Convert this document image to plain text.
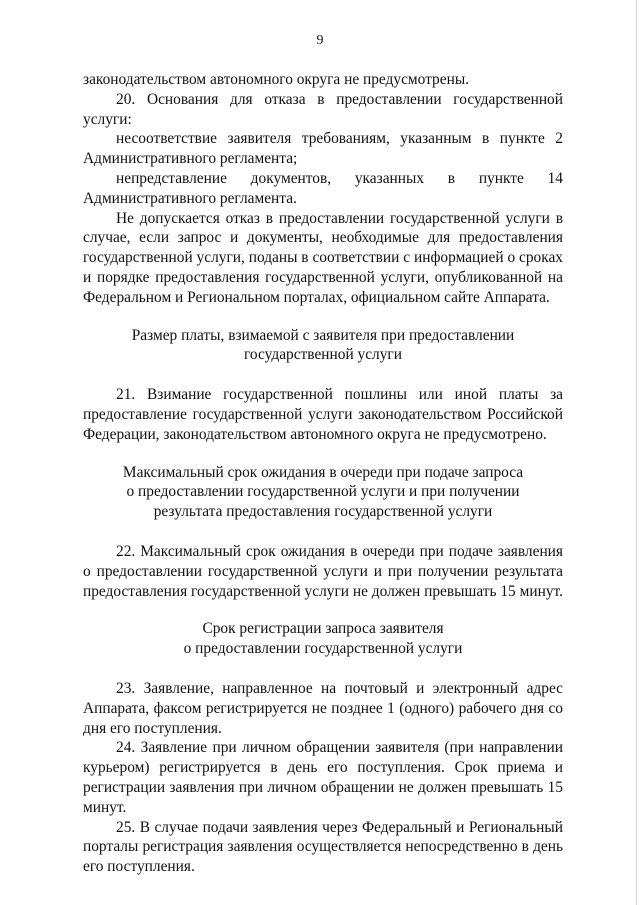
9

законодательством автономного округа не предусмотрены.

20. Основания для отказа в предоставлении государственной услуги:

несоответствие заявителя требованиям, указанным в пункте 2 Административного регламента;

непредставление документов, указанных в пункте 14 Административного регламента.

Не допускается отказ в предоставлении государственной услуги в случае, если запрос и документы, необходимые для предоставления государственной услуги, поданы в соответствии с информацией о сроках и порядке предоставления государственной услуги, опубликованной на Федеральном и Региональном порталах, официальном сайте Аппарата.

Размер платы, взимаемой с заявителя при предоставлении
государственной услуги

21. Взимание государственной пошлины или иной платы за предоставление государственной услуги законодательством Российской Федерации, законодательством автономного округа не предусмотрено.

Максимальный срок ожидания в очереди при подаче запроса
о предоставлении государственной услуги и при получении
результата предоставления государственной услуги

22. Максимальный срок ожидания в очереди при подаче заявления о предоставлении государственной услуги и при получении результата предоставления государственной услуги не должен превышать 15 минут.

Срок регистрации запроса заявителя
о предоставлении государственной услуги

23. Заявление, направленное на почтовый и электронный адрес Аппарата, факсом регистрируется не позднее 1 (одного) рабочего дня со дня его поступления.

24. Заявление при личном обращении заявителя (при направлении курьером) регистрируется в день его поступления. Срок приема и регистрации заявления при личном обращении не должен превышать 15 минут.

25. В случае подачи заявления через Федеральный и Региональный порталы регистрация заявления осуществляется непосредственно в день его поступления.
